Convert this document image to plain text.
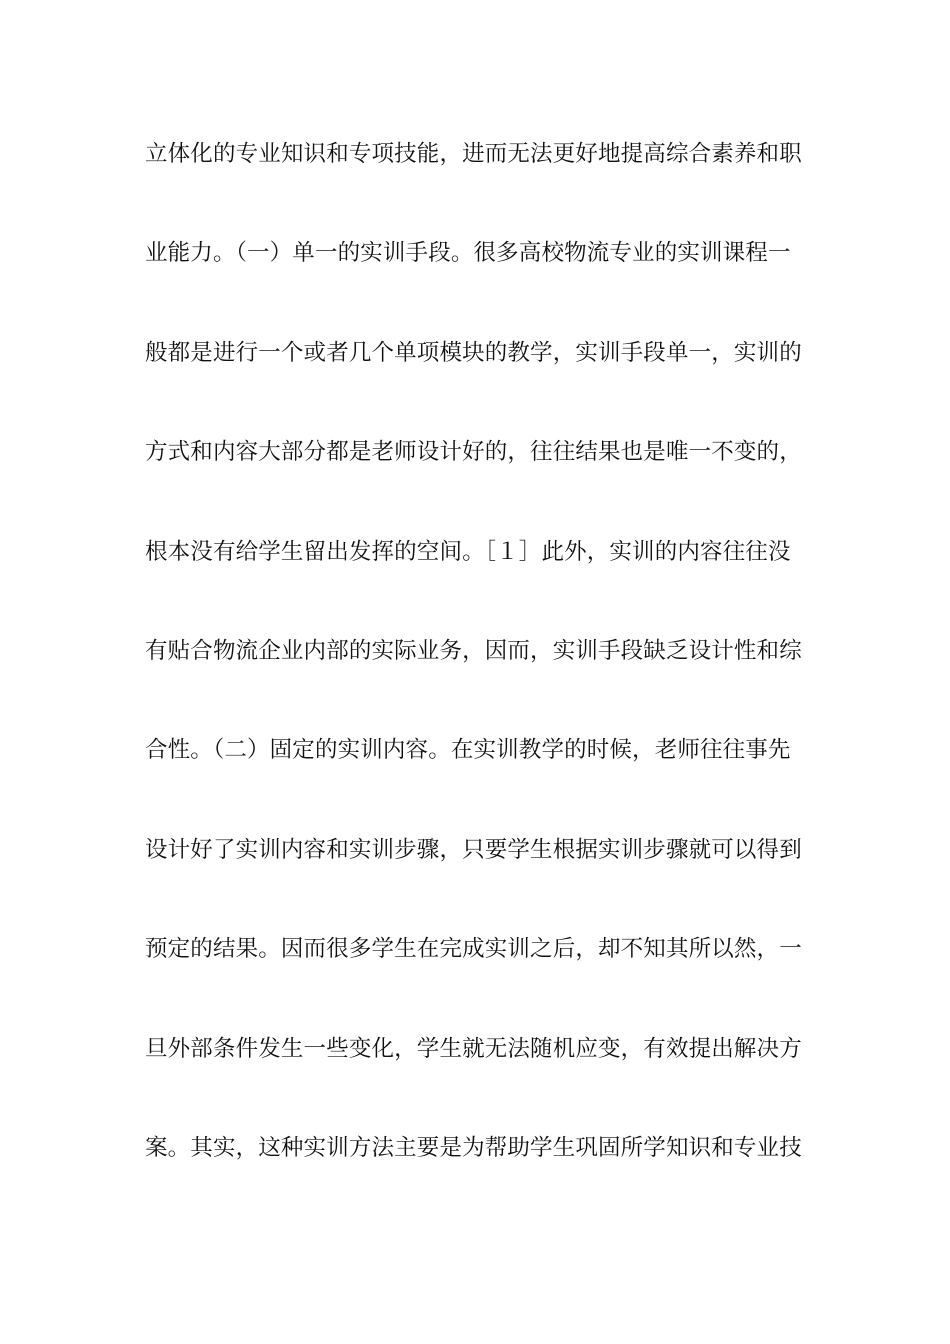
立体化的专业知识和专项技能，进而无法更好地提高综合素养和职
业能力。（一）单一的实训手段。很多高校物流专业的实训课程一
般都是进行一个或者几个单项模块的教学，实训手段单一，实训的
方式和内容大部分都是老师设计好的，往往结果也是唯一不变的，
根本没有给学生留出发挥的空间。［１］此外，实训的内容往往没
有贴合物流企业内部的实际业务，因而，实训手段缺乏设计性和综
合性。（二）固定的实训内容。在实训教学的时候，老师往往事先
设计好了实训内容和实训步骤，只要学生根据实训步骤就可以得到
预定的结果。因而很多学生在完成实训之后，却不知其所以然，一
旦外部条件发生一些变化，学生就无法随机应变，有效提出解决方
案。其实，这种实训方法主要是为帮助学生巩固所学知识和专业技
